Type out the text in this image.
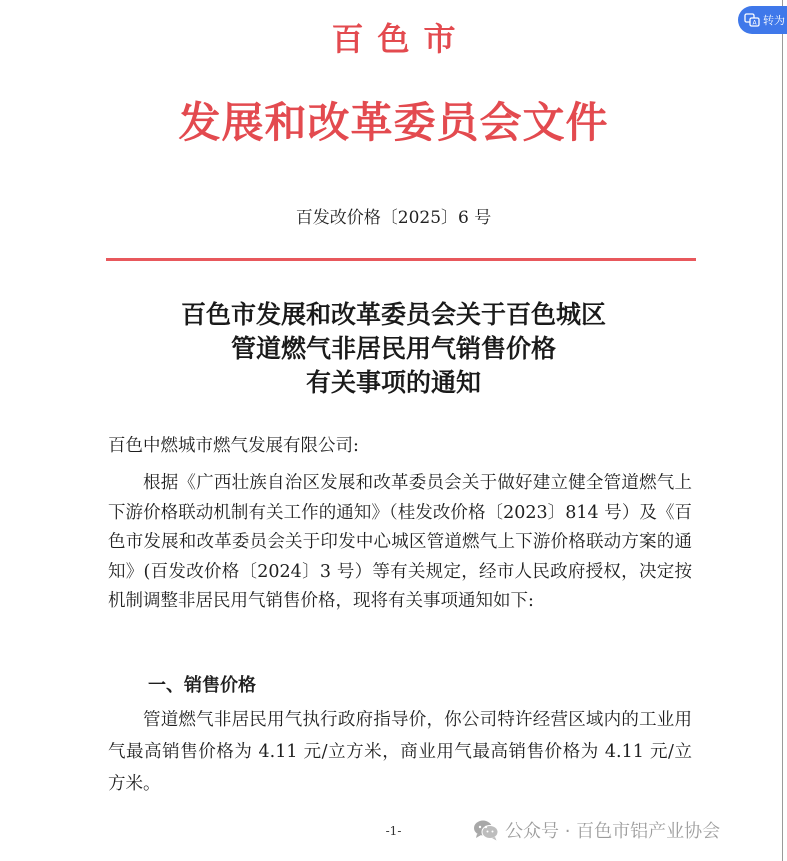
A 转为
百色市
发展和改革委员会文件
百发改价格〔2025〕6 号
百色市发展和改革委员会关于百色城区
管道燃气非居民用气销售价格
有关事项的通知
百色中燃城市燃气发展有限公司:
根据《广西壮族自治区发展和改革委员会关于做好建立健全管道燃气上下游价格联动机制有关工作的通知》（桂发改价格〔2023〕814 号）及《百色市发展和改革委员会关于印发中心城区管道燃气上下游价格联动方案的通知》(百发改价格〔2024〕3 号）等有关规定，经市人民政府授权，决定按机制调整非居民用气销售价格，现将有关事项通知如下:
一、销售价格
管道燃气非居民用气执行政府指导价，你公司特许经营区域内的工业用气最高销售价格为 4.11 元/立方米，商业用气最高销售价格为 4.11 元/立方米。
-1-	公众号 · 百色市铝产业协会
